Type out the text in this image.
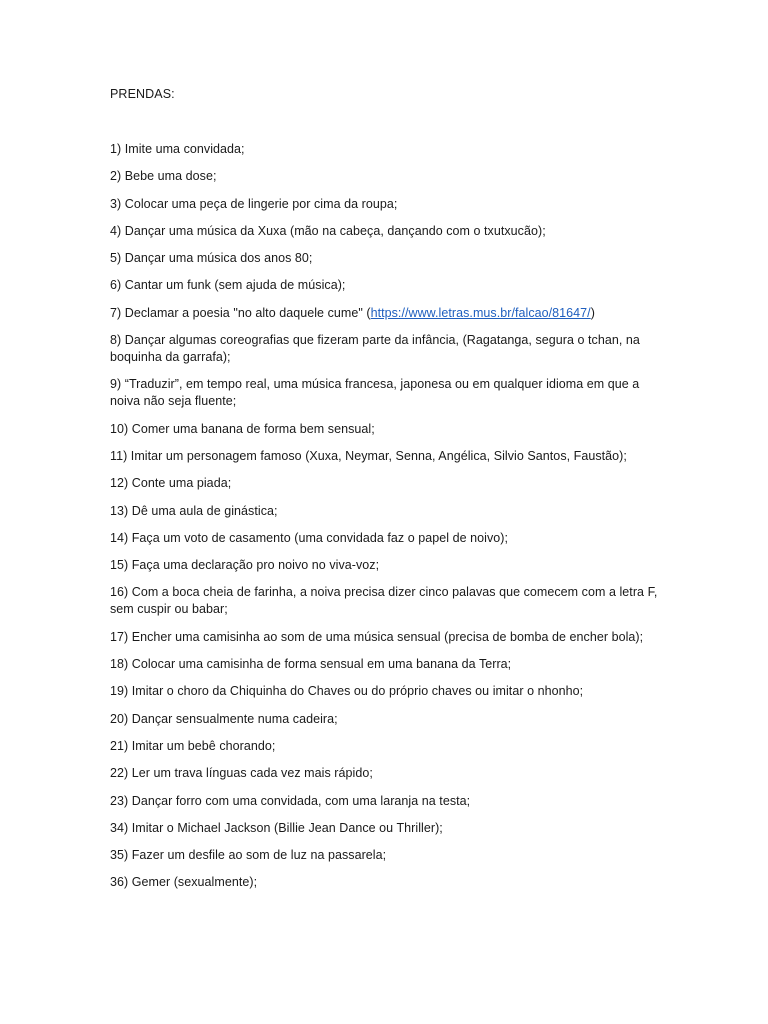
PRENDAS:
1) Imite uma convidada;
2) Bebe uma dose;
3) Colocar uma peça de lingerie por cima da roupa;
4) Dançar uma música da Xuxa (mão na cabeça, dançando com o txutxucão);
5) Dançar uma música dos anos 80;
6) Cantar um funk (sem ajuda de música);
7) Declamar a poesia "no alto daquele cume" (https://www.letras.mus.br/falcao/81647/)
8) Dançar algumas coreografias que fizeram parte da infância, (Ragatanga, segura o tchan, na boquinha da garrafa);
9) “Traduzir”, em tempo real, uma música francesa, japonesa ou em qualquer idioma em que a noiva não seja fluente;
10) Comer uma banana de forma bem sensual;
11) Imitar um personagem famoso (Xuxa, Neymar, Senna, Angélica, Silvio Santos, Faustão);
12) Conte uma piada;
13) Dê uma aula de ginástica;
14) Faça um voto de casamento (uma convidada faz o papel de noivo);
15) Faça uma declaração pro noivo no viva-voz;
16) Com a boca cheia de farinha, a noiva precisa dizer cinco palavas que comecem com a letra F, sem cuspir ou babar;
17) Encher uma camisinha ao som de uma música sensual (precisa de bomba de encher bola);
18) Colocar uma camisinha de forma sensual em uma banana da Terra;
19) Imitar o choro da Chiquinha do Chaves ou do próprio chaves ou imitar o nhonho;
20) Dançar sensualmente numa cadeira;
21) Imitar um bebê chorando;
22) Ler um trava línguas cada vez mais rápido;
23) Dançar forro com uma convidada, com uma laranja na testa;
34) Imitar o Michael Jackson (Billie Jean Dance ou Thriller);
35) Fazer um desfile ao som de luz na passarela;
36) Gemer (sexualmente);
